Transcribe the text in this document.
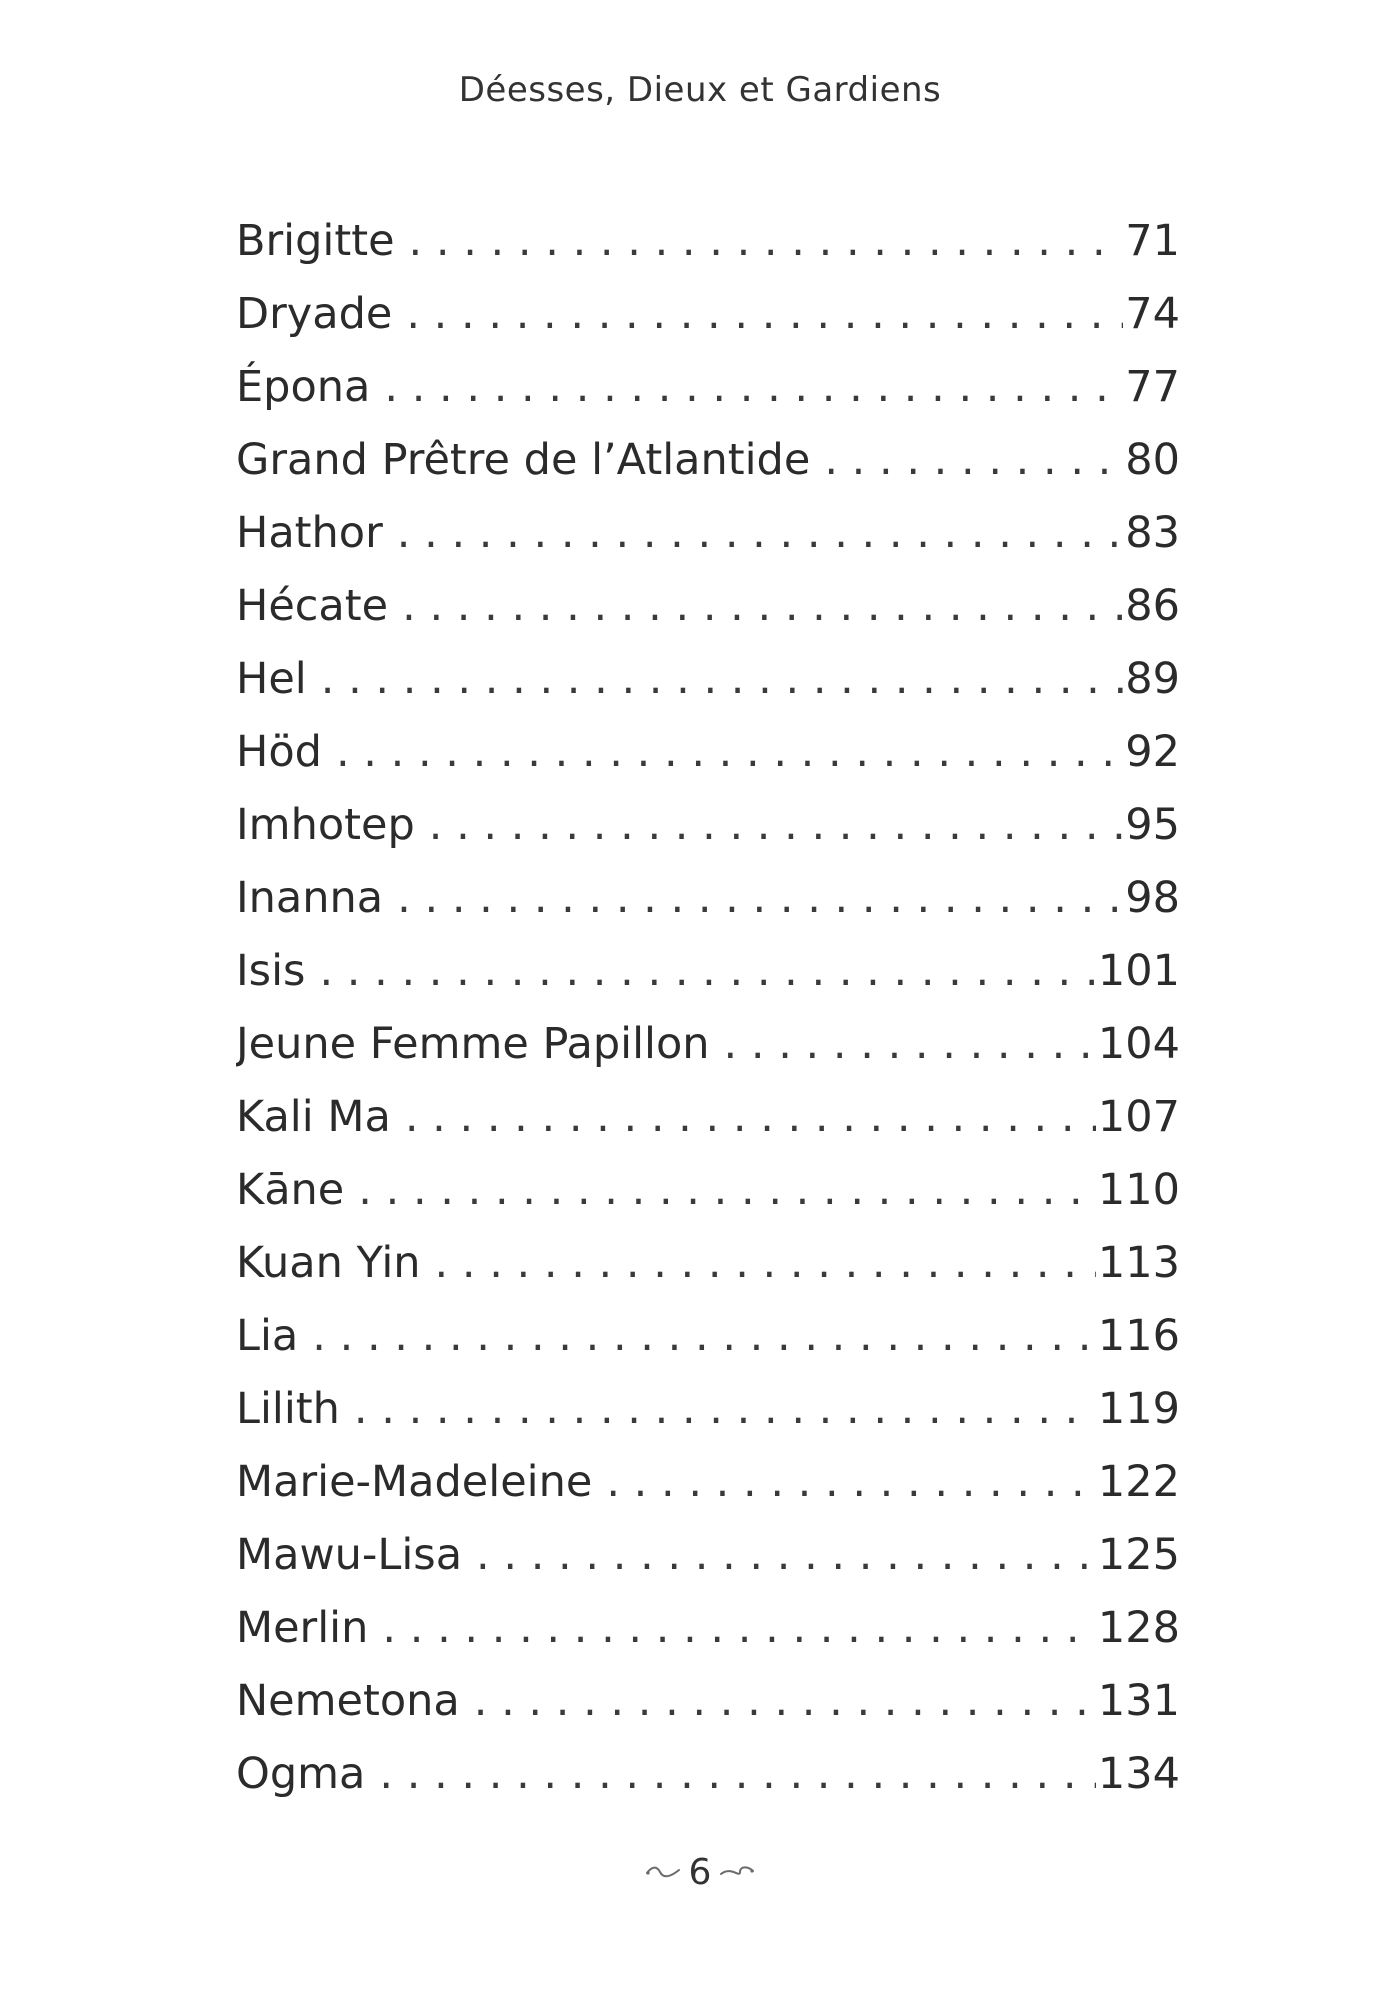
Déesses, Dieux et Gardiens
Brigitte . . .	71
Dryade . . .	74
Épona . . .	77
Grand Prêtre de l’Atlantide . . .	80
Hathor . . .	83
Hécate . . .	86
Hel . . .	89
Höd . . .	92
Imhotep . . .	95
Inanna . . .	98
Isis . . .	101
Jeune Femme Papillon . . .	104
Kali Ma . . .	107
Kāne . . .	110
Kuan Yin . . .	113
Lia . . .	116
Lilith . . .	119
Marie-Madeleine . . .	122
Mawu-Lisa . . .	125
Merlin . . .	128
Nemetona . . .	131
Ogma . . .	134
6
